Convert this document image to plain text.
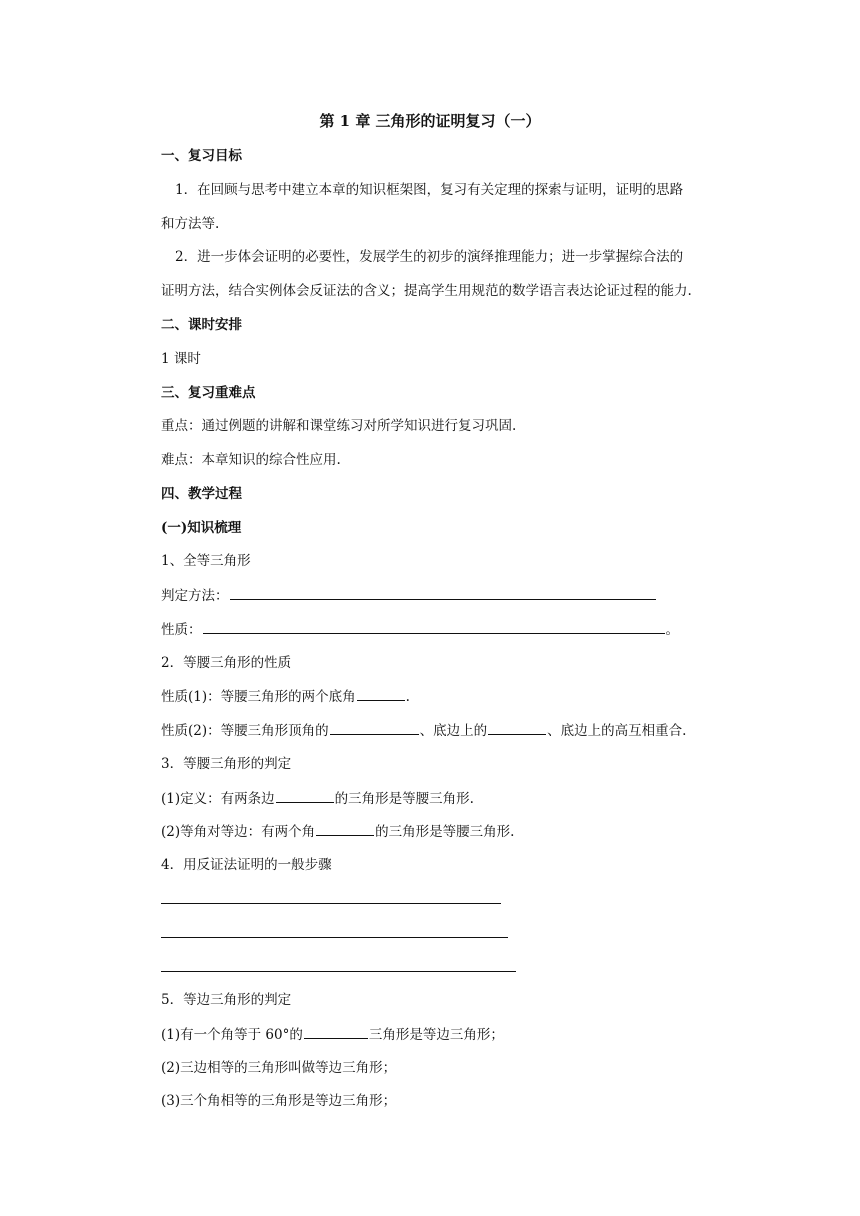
第 1 章 三角形的证明复习（一）
一、复习目标
1．在回顾与思考中建立本章的知识框架图，复习有关定理的探索与证明，证明的思路
和方法等.
2．进一步体会证明的必要性，发展学生的初步的演绎推理能力；进一步掌握综合法的
证明方法，结合实例体会反证法的含义；提高学生用规范的数学语言表达论证过程的能力.
二、课时安排
1 课时
三、复习重难点
重点：通过例题的讲解和课堂练习对所学知识进行复习巩固.
难点：本章知识的综合性应用.
四、教学过程
(一)知识梳理
1、全等三角形
判定方法：
性质：	。
2．等腰三角形的性质
性质(1)：等腰三角形的两个底角	.
性质(2)：等腰三角形顶角的	、底边上的	、底边上的高互相重合.
3．等腰三角形的判定
(1)定义：有两条边	的三角形是等腰三角形.
(2)等角对等边：有两个角	的三角形是等腰三角形.
4．用反证法证明的一般步骤
5．等边三角形的判定
(1)有一个角等于 60°的	三角形是等边三角形；
(2)三边相等的三角形叫做等边三角形；
(3)三个角相等的三角形是等边三角形；
